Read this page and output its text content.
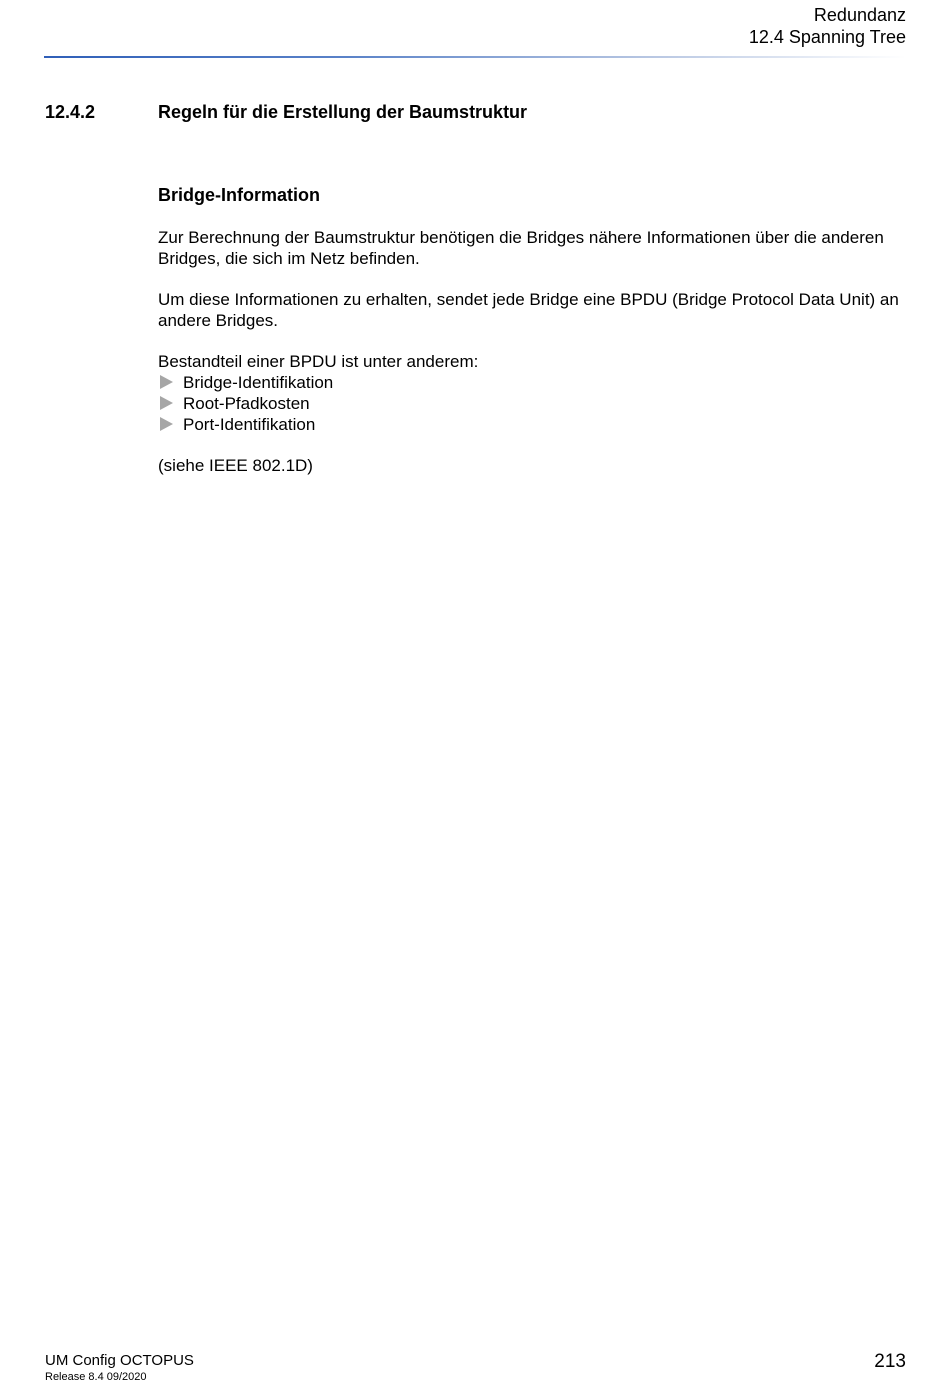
Redundanz
12.4 Spanning Tree
12.4.2	Regeln für die Erstellung der Baumstruktur
Bridge-Information
Zur Berechnung der Baumstruktur benötigen die Bridges nähere Informationen über die anderen Bridges, die sich im Netz befinden.
Um diese Informationen zu erhalten, sendet jede Bridge eine BPDU (Bridge Protocol Data Unit) an andere Bridges.
Bestandteil einer BPDU ist unter anderem:
Bridge-Identifikation
Root-Pfadkosten
Port-Identifikation
(siehe IEEE 802.1D)
UM Config OCTOPUS
Release 8.4 09/2020
213
